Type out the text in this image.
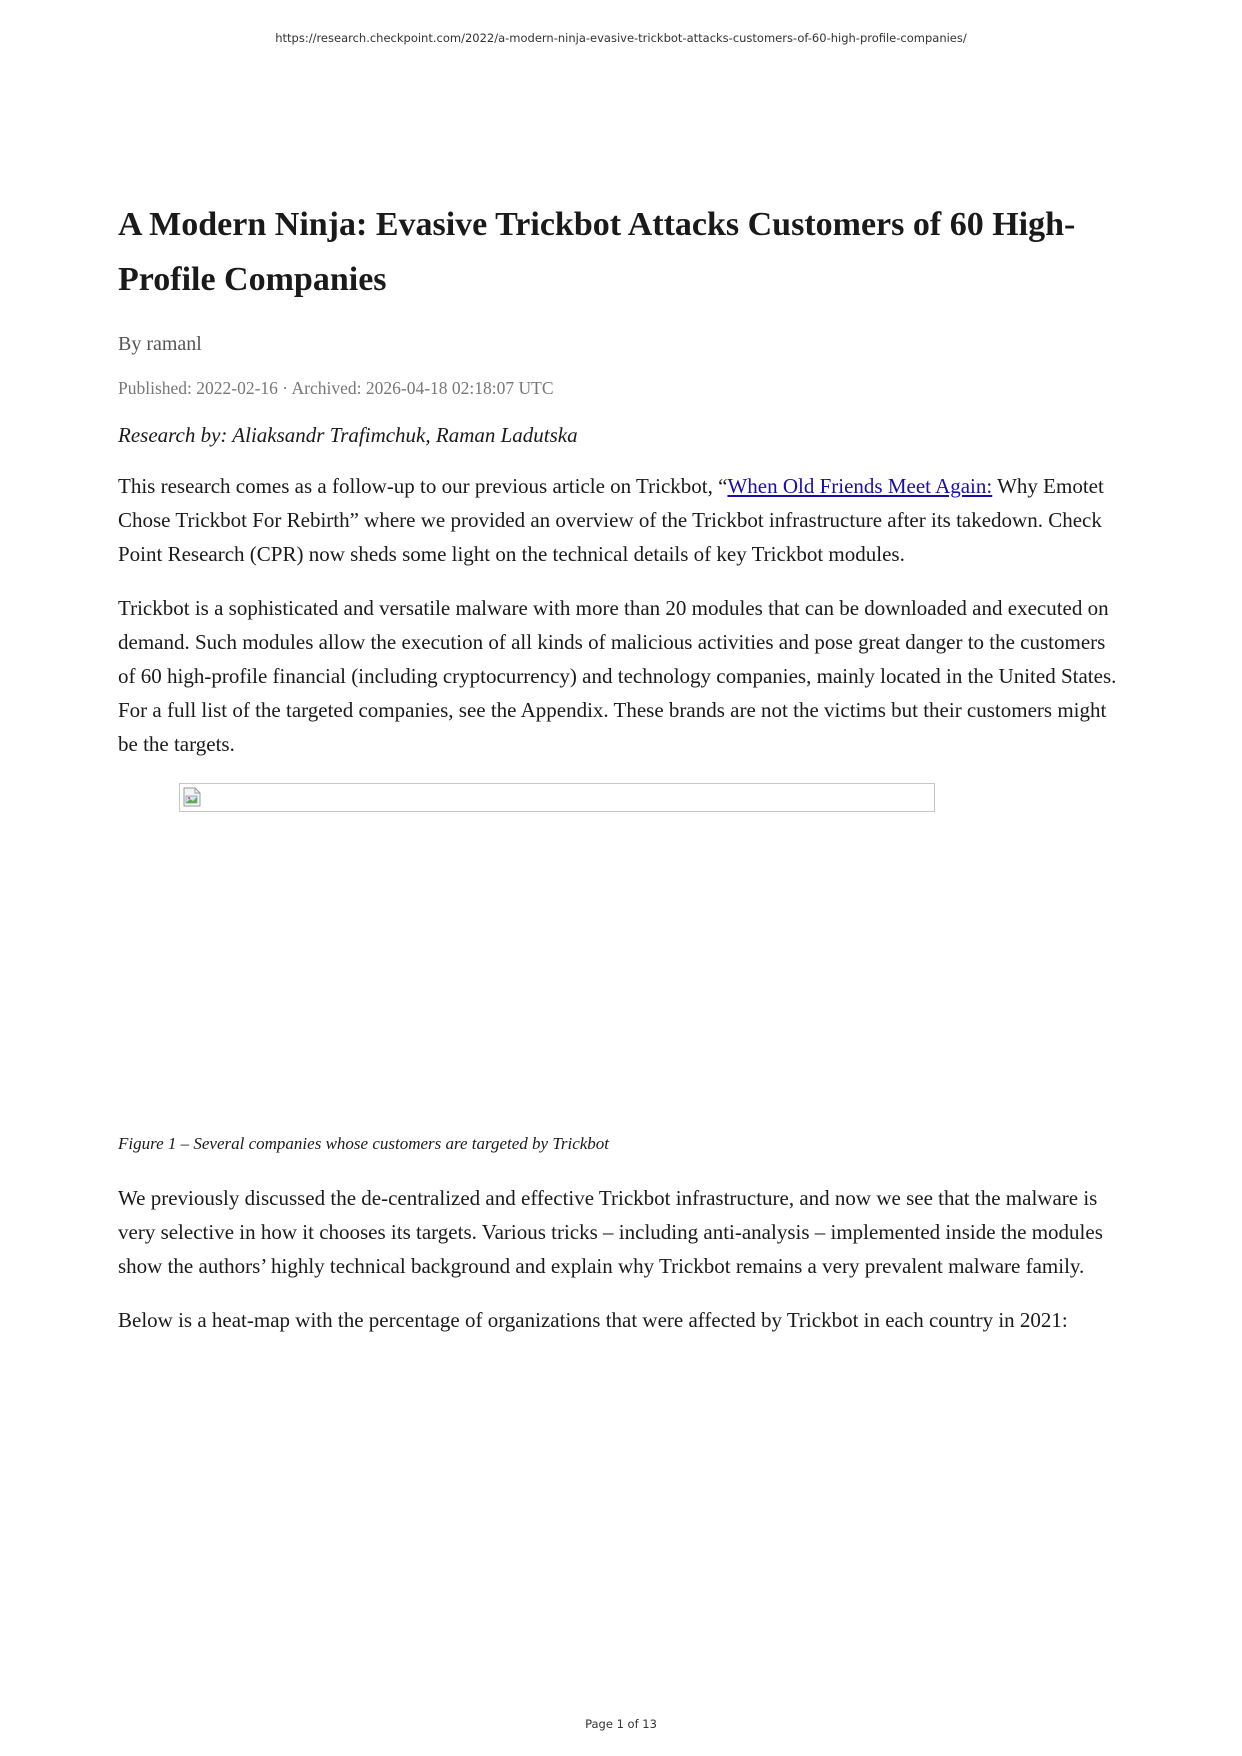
https://research.checkpoint.com/2022/a-modern-ninja-evasive-trickbot-attacks-customers-of-60-high-profile-companies/
A Modern Ninja: Evasive Trickbot Attacks Customers of 60 High-Profile Companies
By ramanl
Published: 2022-02-16 · Archived: 2026-04-18 02:18:07 UTC
Research by: Aliaksandr Trafimchuk, Raman Ladutska

This research comes as a follow-up to our previous article on Trickbot, “When Old Friends Meet Again: Why Emotet Chose Trickbot For Rebirth” where we provided an overview of the Trickbot infrastructure after its takedown. Check Point Research (CPR) now sheds some light on the technical details of key Trickbot modules.

Trickbot is a sophisticated and versatile malware with more than 20 modules that can be downloaded and executed on demand. Such modules allow the execution of all kinds of malicious activities and pose great danger to the customers of 60 high-profile financial (including cryptocurrency) and technology companies, mainly located in the United States. For a full list of the targeted companies, see the Appendix. These brands are not the victims but their customers might be the targets.

Figure 1 – Several companies whose customers are targeted by Trickbot

We previously discussed the de-centralized and effective Trickbot infrastructure, and now we see that the malware is very selective in how it chooses its targets. Various tricks – including anti-analysis – implemented inside the modules show the authors’ highly technical background and explain why Trickbot remains a very prevalent malware family.

Below is a heat-map with the percentage of organizations that were affected by Trickbot in each country in 2021:

Page 1 of 13
